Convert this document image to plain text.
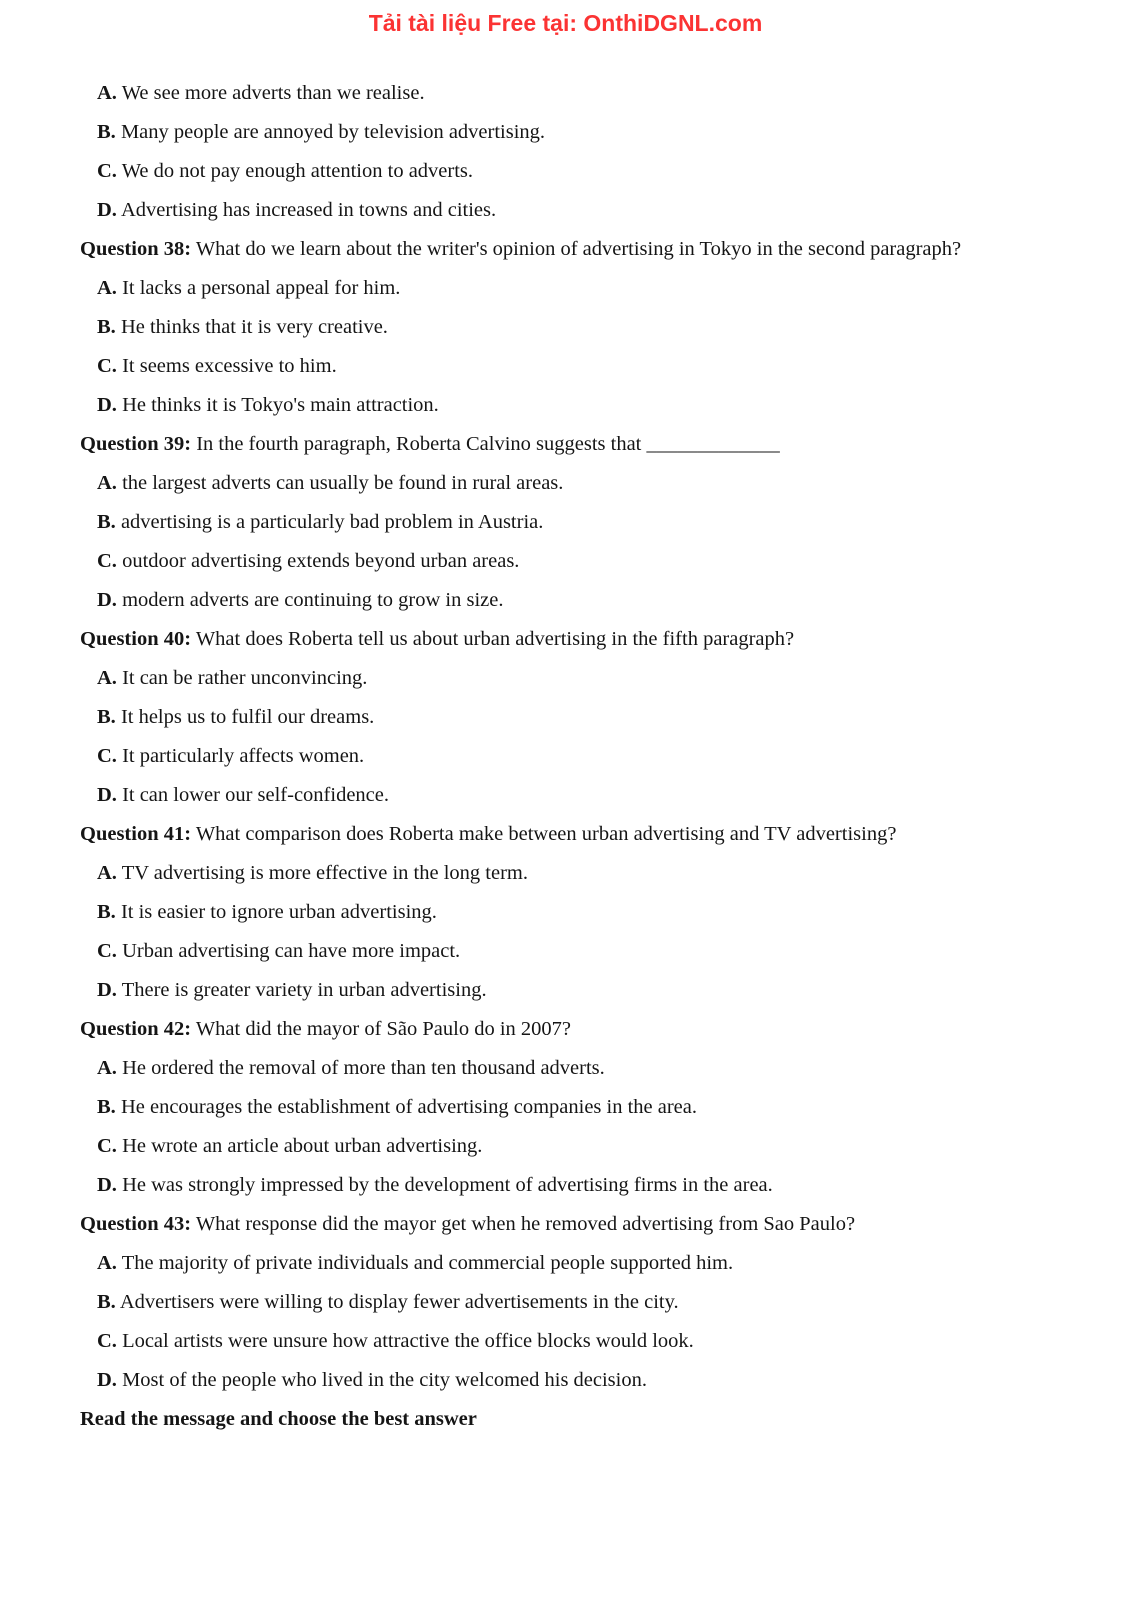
Tải tài liệu Free tại: OnthiDGNL.com

A. We see more adverts than we realise.

B. Many people are annoyed by television advertising.

C. We do not pay enough attention to adverts.

D. Advertising has increased in towns and cities.

Question 38: What do we learn about the writer's opinion of advertising in Tokyo in the second paragraph?

A. It lacks a personal appeal for him.

B. He thinks that it is very creative.

C. It seems excessive to him.

D. He thinks it is Tokyo's main attraction.

Question 39: In the fourth paragraph, Roberta Calvino suggests that _____________

A. the largest adverts can usually be found in rural areas.

B. advertising is a particularly bad problem in Austria.

C. outdoor advertising extends beyond urban areas.

D. modern adverts are continuing to grow in size.

Question 40: What does Roberta tell us about urban advertising in the fifth paragraph?

A. It can be rather unconvincing.

B. It helps us to fulfil our dreams.

C. It particularly affects women.

D. It can lower our self-confidence.

Question 41: What comparison does Roberta make between urban advertising and TV advertising?

A. TV advertising is more effective in the long term.

B. It is easier to ignore urban advertising.

C. Urban advertising can have more impact.

D. There is greater variety in urban advertising.

Question 42: What did the mayor of São Paulo do in 2007?

A. He ordered the removal of more than ten thousand adverts.

B. He encourages the establishment of advertising companies in the area.

C. He wrote an article about urban advertising.

D. He was strongly impressed by the development of advertising firms in the area.

Question 43: What response did the mayor get when he removed advertising from Sao Paulo?

A. The majority of private individuals and commercial people supported him.

B. Advertisers were willing to display fewer advertisements in the city.

C. Local artists were unsure how attractive the office blocks would look.

D. Most of the people who lived in the city welcomed his decision.

Read the message and choose the best answer
